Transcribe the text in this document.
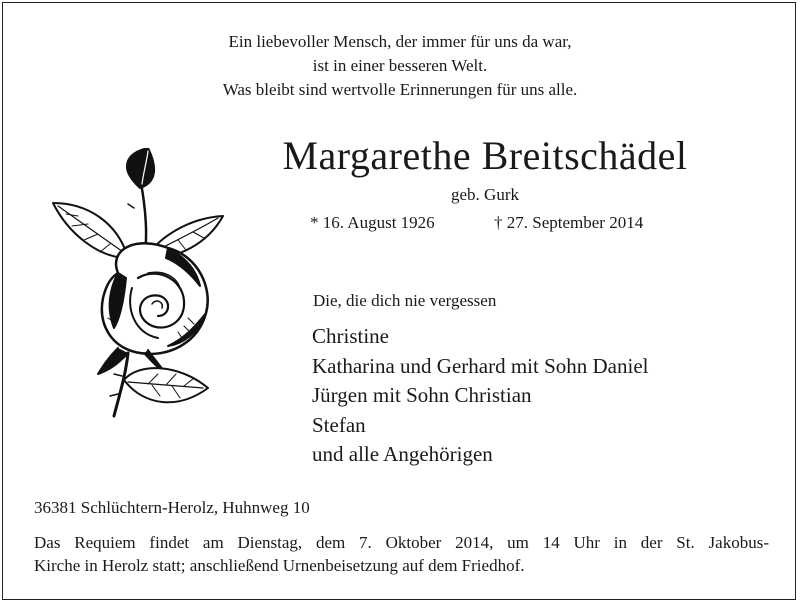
Ein liebevoller Mensch, der immer für uns da war,
ist in einer besseren Welt.
Was bleibt sind wertvolle Erinnerungen für uns alle.
Margarethe Breitschädel
geb. Gurk
* 16. August 1926	† 27. September 2014
Die, die dich nie vergessen
Christine
Katharina und Gerhard mit Sohn Daniel
Jürgen mit Sohn Christian
Stefan
und alle Angehörigen
36381 Schlüchtern-Herolz, Huhnweg 10
Das Requiem findet am Dienstag, dem 7. Oktober 2014, um 14 Uhr in der St. Jakobus-
Kirche in Herolz statt; anschließend Urnenbeisetzung auf dem Friedhof.
